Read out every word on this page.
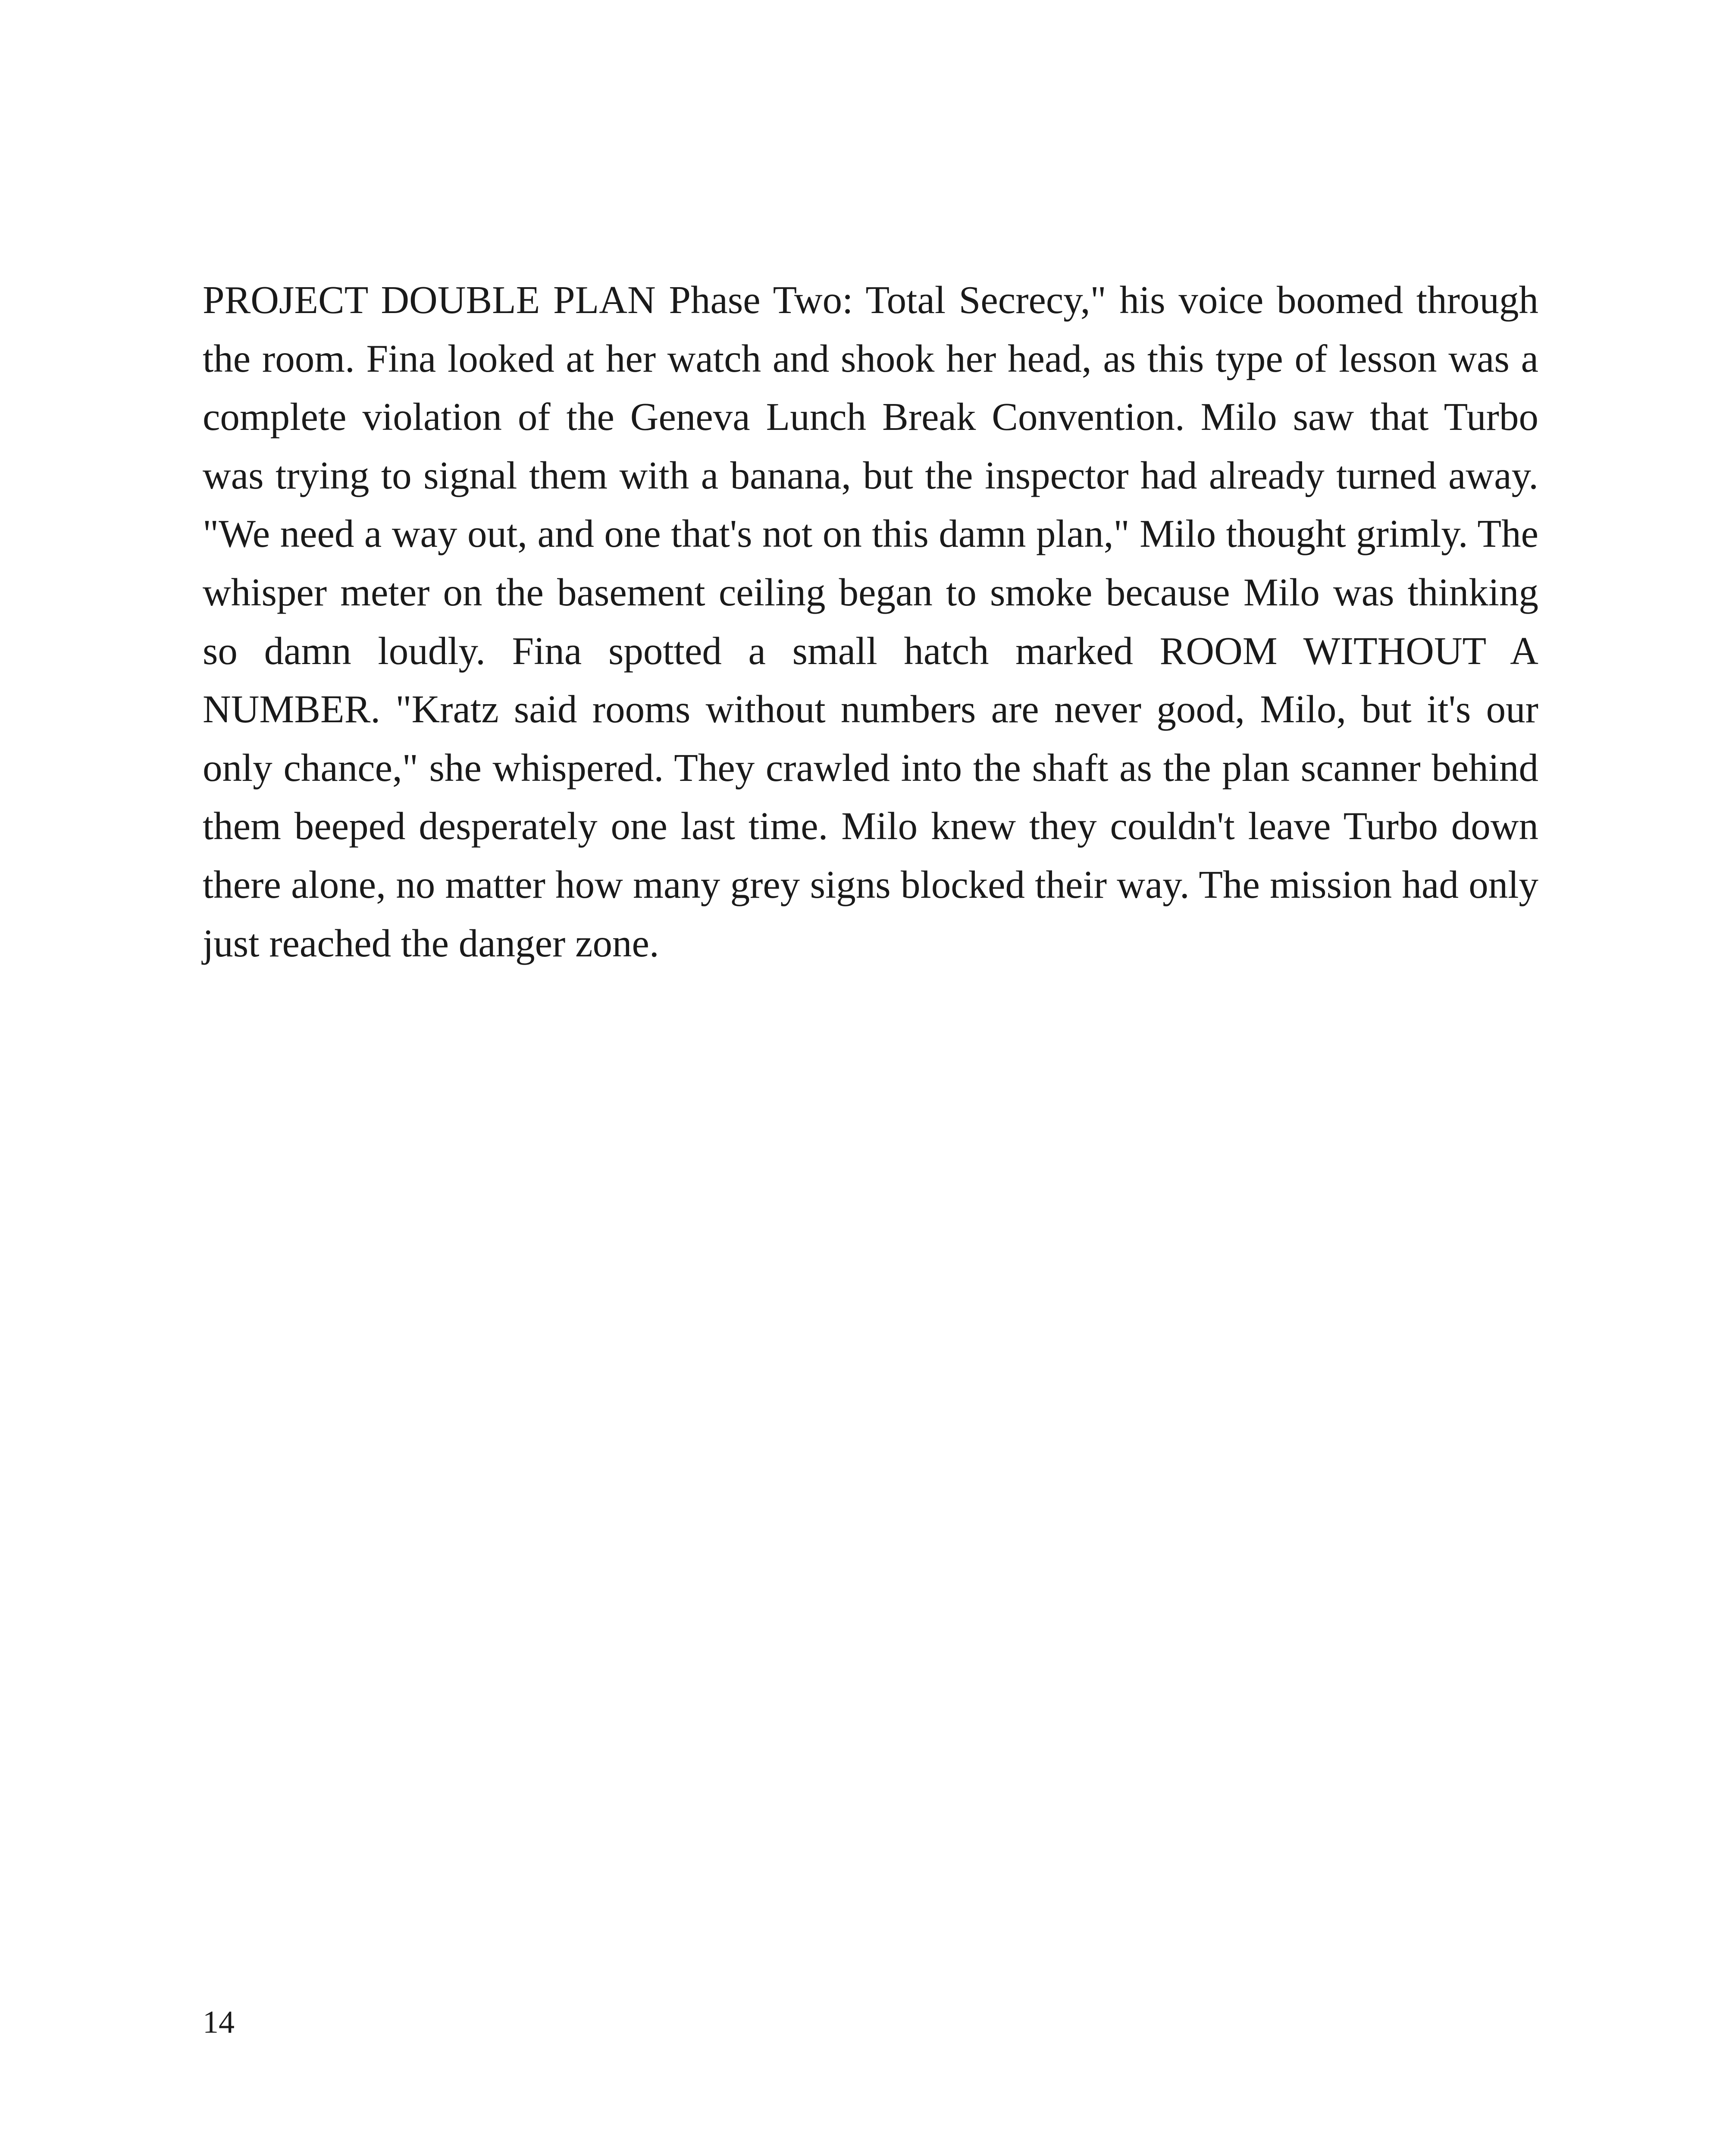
PROJECT DOUBLE PLAN Phase Two: Total Secrecy," his voice boomed through the room. Fina looked at her watch and shook her head, as this type of lesson was a complete violation of the Geneva Lunch Break Convention. Milo saw that Turbo was trying to signal them with a banana, but the inspector had already turned away. "We need a way out, and one that's not on this damn plan," Milo thought grimly. The whisper meter on the basement ceiling began to smoke because Milo was thinking so damn loudly. Fina spotted a small hatch marked ROOM WITHOUT A NUMBER. "Kratz said rooms without numbers are never good, Milo, but it's our only chance," she whispered. They crawled into the shaft as the plan scanner behind them beeped desperately one last time. Milo knew they couldn't leave Turbo down there alone, no matter how many grey signs blocked their way. The mission had only just reached the danger zone.

14
